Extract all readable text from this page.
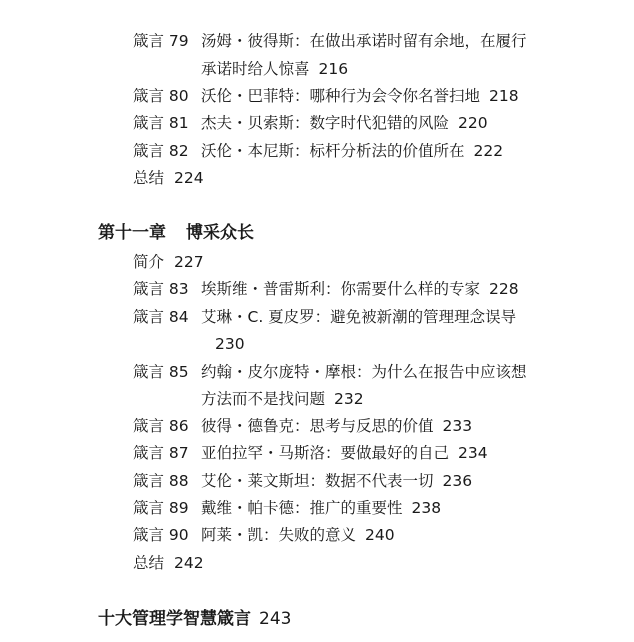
箴言 79 汤姆・彼得斯：在做出承诺时留有余地，在履行
承诺时给人惊喜 216
箴言 80 沃伦・巴菲特：哪种行为会令你名誉扫地 218
箴言 81 杰夫・贝索斯：数字时代犯错的风险 220
箴言 82 沃伦・本尼斯：标杆分析法的价值所在 222
总结 224
第十一章 博采众长
简介 227
箴言 83 埃斯维・普雷斯利：你需要什么样的专家 228
箴言 84 艾琳・C. 夏皮罗：避免被新潮的管理理念误导
230
箴言 85 约翰・皮尔庞特・摩根：为什么在报告中应该想
方法而不是找问题 232
箴言 86 彼得・德鲁克：思考与反思的价值 233
箴言 87 亚伯拉罕・马斯洛：要做最好的自己 234
箴言 88 艾伦・莱文斯坦：数据不代表一切 236
箴言 89 戴维・帕卡德：推广的重要性 238
箴言 90 阿莱・凯：失败的意义 240
总结 242
十大管理学智慧箴言 243
